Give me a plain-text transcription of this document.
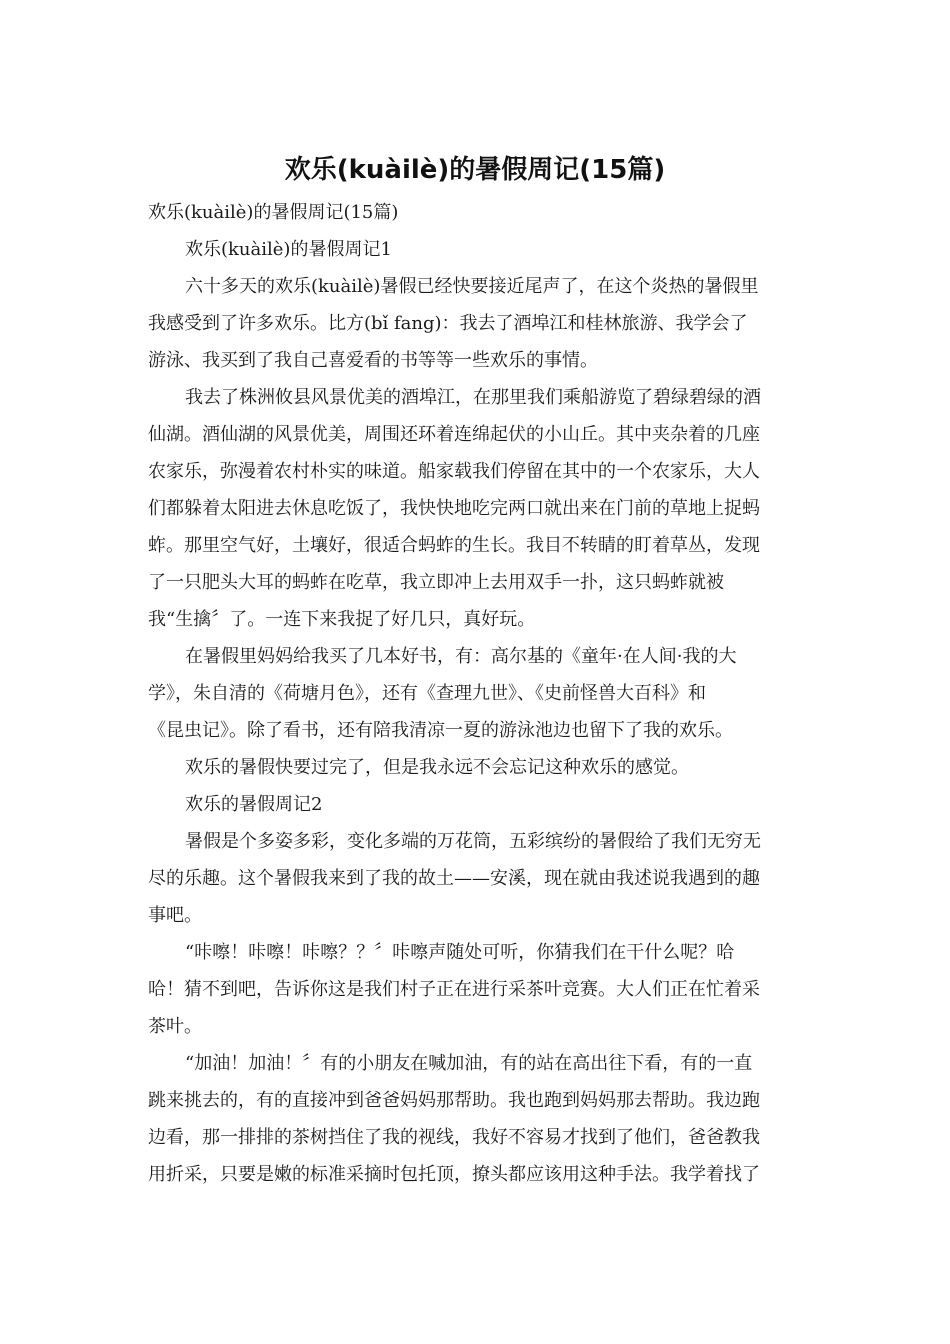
欢乐(kuàilè)的暑假周记(15篇)

欢乐(kuàilè)的暑假周记(15篇)

欢乐(kuàilè)的暑假周记1

六十多天的欢乐(kuàilè)暑假已经快要接近尾声了，在这个炎热的暑假里

我感受到了许多欢乐。比方(bǐ fang)：我去了酒埠江和桂林旅游、我学会了
游泳、我买到了我自己喜爱看的书等等一些欢乐的事情。

我去了株洲攸县风景优美的酒埠江，在那里我们乘船游览了碧绿碧绿的酒

仙湖。酒仙湖的风景优美，周围还环着连绵起伏的小山丘。其中夹杂着的几座
农家乐，弥漫着农村朴实的味道。船家载我们停留在其中的一个农家乐，大人
们都躲着太阳进去休息吃饭了，我快快地吃完两口就出来在门前的草地上捉蚂
蚱。那里空气好，土壤好，很适合蚂蚱的生长。我目不转睛的盯着草丛，发现
了一只肥头大耳的蚂蚱在吃草，我立即冲上去用双手一扑，这只蚂蚱就被
我“生擒〞了。一连下来我捉了好几只，真好玩。

在暑假里妈妈给我买了几本好书，有：高尔基的《童年·在人间·我的大

学》，朱自清的《荷塘月色》，还有《查理九世》、《史前怪兽大百科》和
《昆虫记》。除了看书，还有陪我清凉一夏的游泳池边也留下了我的欢乐。

欢乐的暑假快要过完了，但是我永远不会忘记这种欢乐的感觉。

欢乐的暑假周记2

暑假是个多姿多彩，变化多端的万花筒，五彩缤纷的暑假给了我们无穷无

尽的乐趣。这个暑假我来到了我的故土——安溪，现在就由我述说我遇到的趣
事吧。

“咔嚓！咔嚓！咔嚓？？〞咔嚓声随处可听，你猜我们在干什么呢？哈

哈！猜不到吧，告诉你这是我们村子正在进行采茶叶竞赛。大人们正在忙着采
茶叶。

“加油！加油！〞有的小朋友在喊加油，有的站在高出往下看，有的一直

跳来挑去的，有的直接冲到爸爸妈妈那帮助。我也跑到妈妈那去帮助。我边跑
边看，那一排排的茶树挡住了我的视线，我好不容易才找到了他们，爸爸教我
用折采，只要是嫩的标准采摘时包托顶，撩头都应该用这种手法。我学着找了
